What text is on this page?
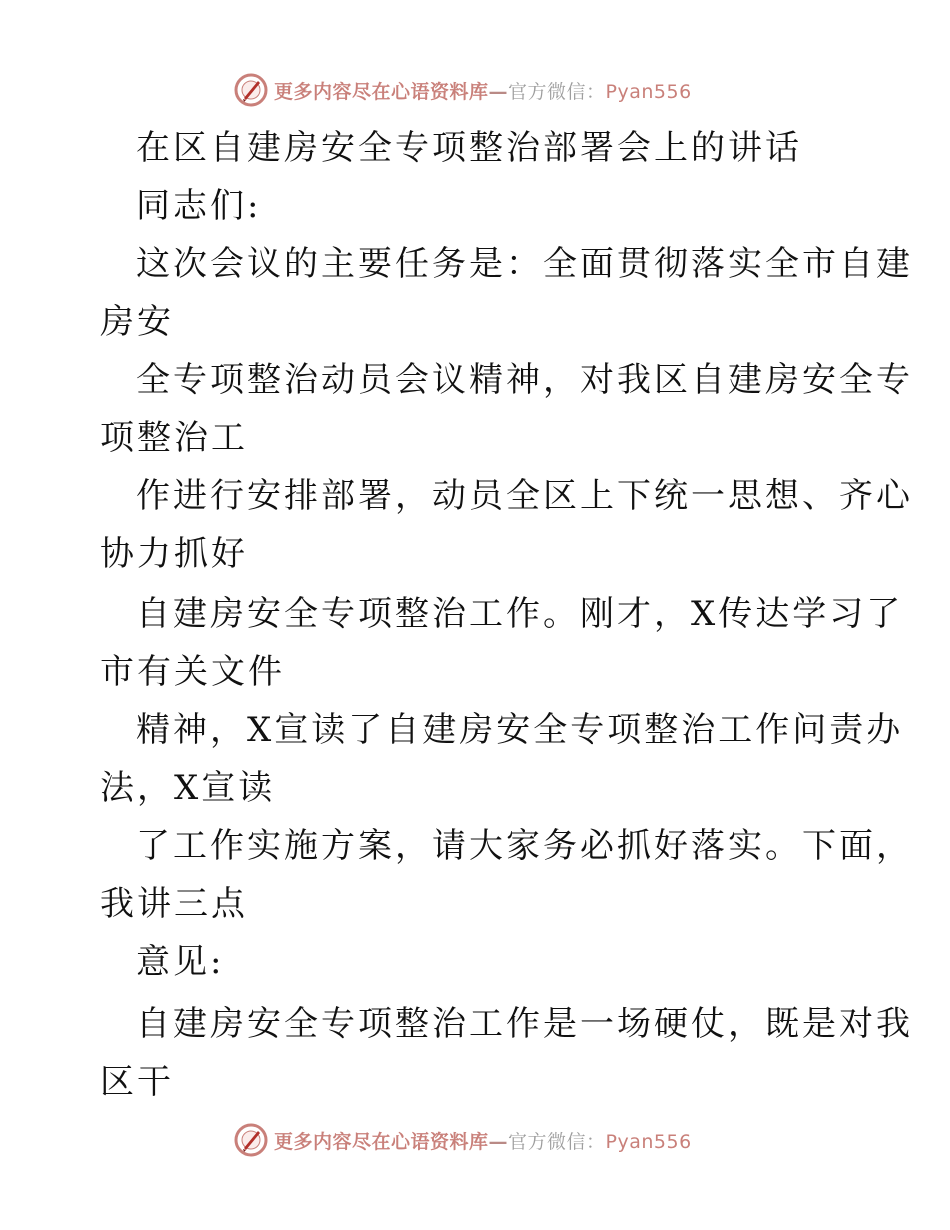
更多内容尽在心语资料库—官方微信：Pyan556
在区自建房安全专项整治部署会上的讲话
同志们:
这次会议的主要任务是：全面贯彻落实全市自建
房安
全专项整治动员会议精神，对我区自建房安全专
项整治工
作进行安排部署，动员全区上下统一思想、齐心
协力抓好
自建房安全专项整治工作。刚才，X传达学习了
市有关文件
精神，X宣读了自建房安全专项整治工作问责办
法，X宣读
了工作实施方案，请大家务必抓好落实。下面，
我讲三点
意见:
自建房安全专项整治工作是一场硬仗，既是对我
区干
更多内容尽在心语资料库—官方微信：Pyan556
